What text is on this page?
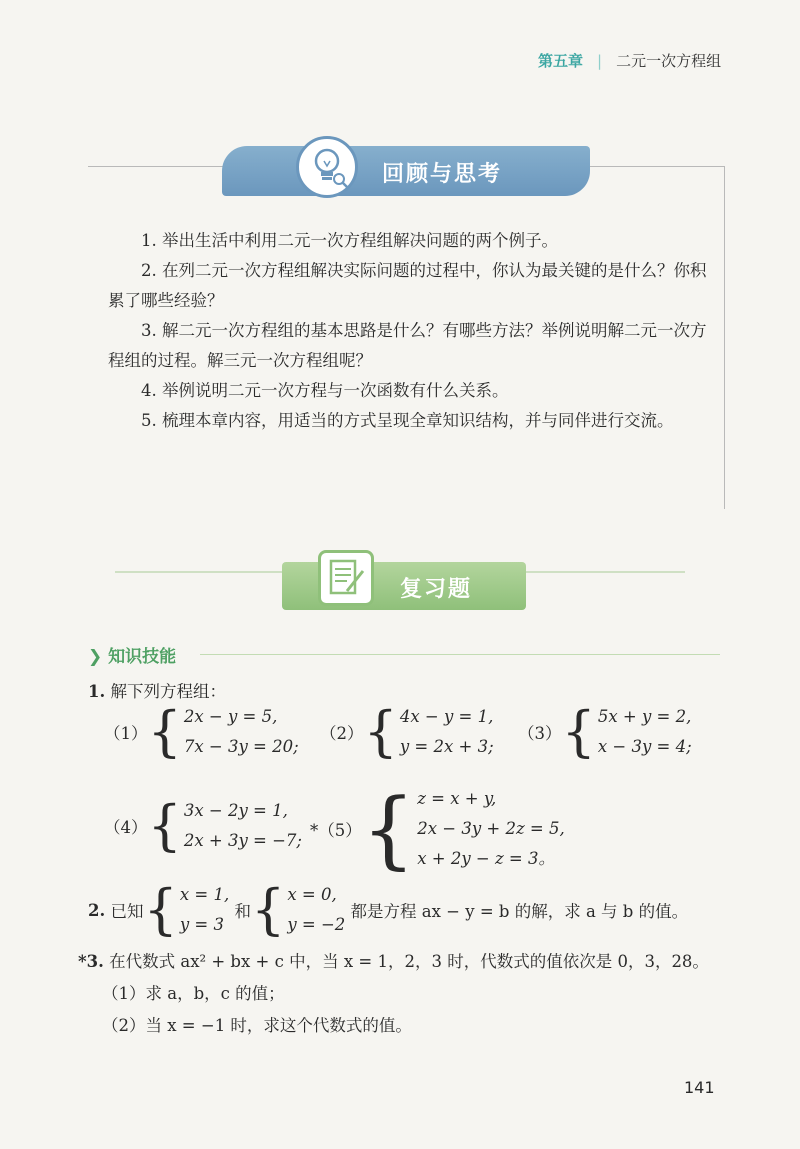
第五章 | 二元一次方程组
回顾与思考

1. 举出生活中利用二元一次方程组解决问题的两个例子。

2. 在列二元一次方程组解决实际问题的过程中，你认为最关键的是什么？你积累了哪些经验？

3. 解二元一次方程组的基本思路是什么？有哪些方法？举例说明解二元一次方程组的过程。解三元一次方程组呢？

4. 举例说明二元一次方程与一次函数有什么关系。

5. 梳理本章内容，用适当的方式呈现全章知识结构，并与同伴进行交流。

复习题
❯ 知识技能
1. 解下列方程组：
（1） { 2x − y = 5,
7x − 3y = 20;
（2） { 4x − y = 1,
y = 2x + 3;
（3） { 5x + y = 2,
x − 3y = 4;
（4） { 3x − 2y = 1,
2x + 3y = −7;
*（5） { z = x + y,
2x − 3y + 2z = 5,
x + 2y − z = 3。
2.
已知 { x = 1,
y = 3

和 { x = 0,
y = −2

都是方程 ax − y = b 的解，求 a 与 b 的值。
*3. 在代数式 ax² + bx + c 中，当 x = 1，2，3 时，代数式的值依次是 0，3，28。
（1）求 a，b，c 的值；
（2）当 x = −1 时，求这个代数式的值。
141
